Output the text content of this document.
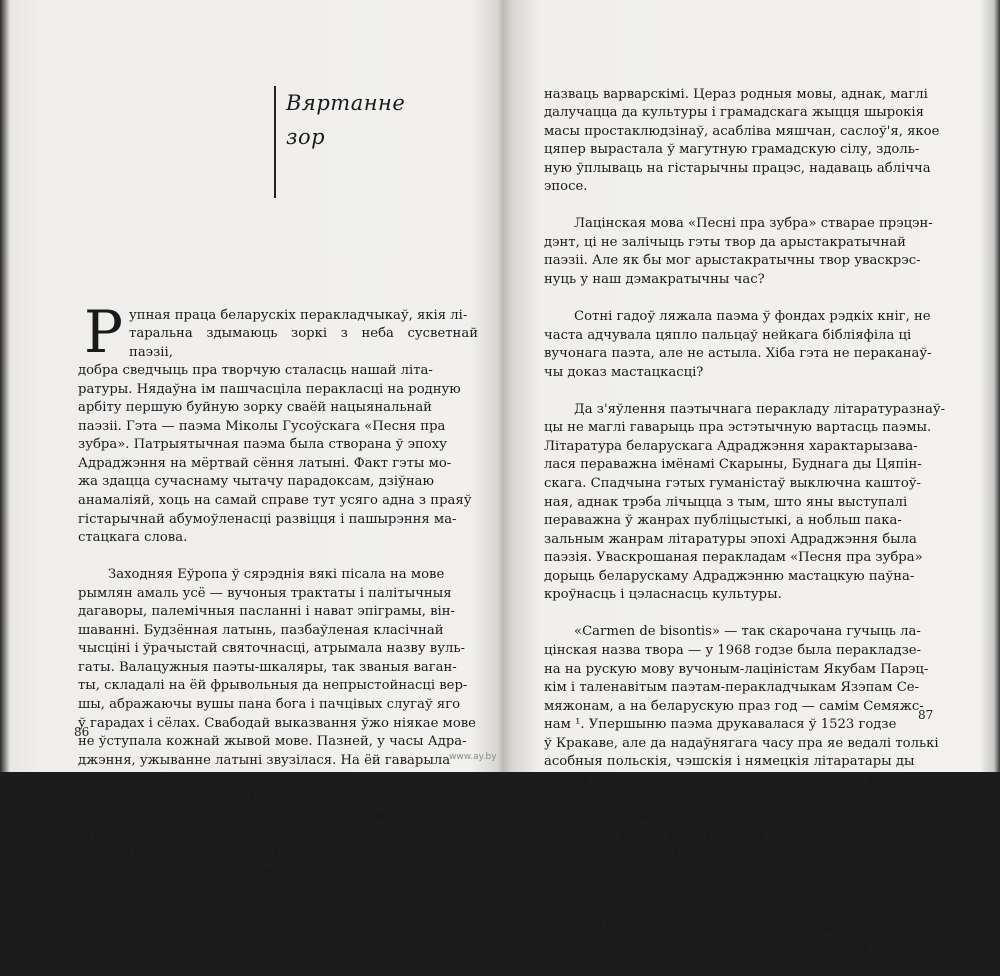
Вяртанне
зор

Рупная праца беларускіх перакладчыкаў, якія лі-
таральна здымаюць зоркі з неба сусветнай паэзіі,
добра сведчыць пра творчую сталасць нашай літа-
ратуры. Нядаўна ім пашчасціла перакласці на родную
арбіту першую буйную зорку сваёй нацыянальнай
паэзіі. Гэта — паэма Міколы Гусоўскага «Песня пра
зубра». Патрыятычная паэма была створана ў эпоху
Адраджэння на мёртвай сёння латыні. Факт гэты мо-
жа здацца сучаснаму чытачу парадоксам, дзіўнаю
анамаліяй, хоць на самай справе тут усяго адна з праяў
гістарычнай абумоўленасці развіцця і пашырэння ма-
стацкага слова.

Заходняя Еўропа ў сярэднія вякі пісала на мове
рымлян амаль усё — вучоныя трактаты і палітычныя
дагаворы, палемічныя пасланні і нават эпіграмы, він-
шаванні. Будзённая латынь, пазбаўленая класічнай
чысціні і ўрачыстай святочнасці, атрымала назву вуль-
гаты. Валацужныя паэты-шкаляры, так званыя ваган-
ты, складалі на ёй фрывольныя да непрыстойнасці вер-
шы, абражаючы вушы пана бога і пачцівых слугаў яго
ў гарадах і сёлах. Свабодай выказвання ўжо ніякае мове
не ўступала кожнай жывой мове. Пазней, у часы Адра-
джэння, ужыванне латыні звузілася. На ёй гаварыла
і пісала свецкая і духоўная арыстакратыя, імкнучыся
вярнуць мове Гарацыя і Цыцэрона страчаную веліч
і бляск. Латынь у гэтую пару заставалася мовай куль-
туры, на ёй стваралася пераважна высокая паэзія,
а клопатную штодзённасць пачалі абслугоўваць мовы
нацыянальныя, якія па рымскай традыцыі належала б

86

назваць варварскімі. Цераз родныя мовы, аднак, маглі
далучацца да культуры і грамадскага жыцця шырокія
масы простаклюдзінаў, асабліва мяшчан, саслоў'я, якое
цяпер вырастала ў магутную грамадскую сілу, здоль-
ную ўплываць на гістарычны працэс, надаваць аблічча
эпосе.

Лацінская мова «Песні пра зубра» стварае прэцэн-
дэнт, ці не залічыць гэты твор да арыстакратычнай
паэзіі. Але як бы мог арыстакратычны твор уваскрэс-
нуць у наш дэмакратычны час?

Сотні гадоў ляжала паэма ў фондах рэдкіх кніг, не
часта адчувала цяпло пальцаў нейкага бібліяфіла ці
вучонага паэта, але не астыла. Хіба гэта не пераканаў-
чы доказ мастацкасці?

Да з'яўлення паэтычнага перакладу літаратуразнаў-
цы не маглі гаварыць пра эстэтычную вартасць паэмы.
Літаратура беларускага Адраджэння характарызава-
лася пераважна імёнамі Скарыны, Буднага ды Цяпін-
скага. Спадчына гэтых гуманістаў выключна каштоў-
ная, аднак трэба лічыцца з тым, што яны выступалі
пераважна ў жанрах публіцыстыкі, а нобльш пака-
зальным жанрам літаратуры эпохі Адраджэння была
паэзія. Уваскрошаная перакладам «Песня пра зубра»
дорыць беларускаму Адраджэнню мастацкую паўна-
кроўнасць і цэласнасць культуры.

«Carmen de bisontis» — так скарочана гучыць ла-
цінская назва твора — у 1968 годзе была перакладзе-
на на рускую мову вучоным-лацiністам Якубам Парэц-
кім і таленавітым паэтам-перакладчыкам Язэпам Се-
мяжонам, а на беларускую праз год — самім Семяжс-
нам ¹. Упершыню паэма друкавалася ў 1523 годзе
ў Кракаве, але да надаўнягага часу пра яе ведалі толькі
асобныя польскія, чэшскія і нямецкія літаратары ды
рускія вучоныя-прыродазнаўцы. У Польшчы і Расіі
«Песня» нават перавыдавалася ў XIX стагоддзі. Але
на лацінскай мове і маленькімі тыражамі, таму не вый-
шла з ліку рэдкіх кніг. Паэт Ян Каспровіч пераклаў яе
на польскую мову і зацікавіў надрукаванымі ўрыўкамі
шырэйшае кола аматараў мастацкага слова. Ён пры-
знаў «Песню» творам самародным і прыкмеціў уплыў
Гусоўскага на творчасць Адама Міцкевіча, асабліва на
паэму «Пан Тадэвуш». Сёння ў Польшчы «Песня пра
зубра» разглядаецца не толькі ў спецыяльных навуко-

87
www.ay.by
